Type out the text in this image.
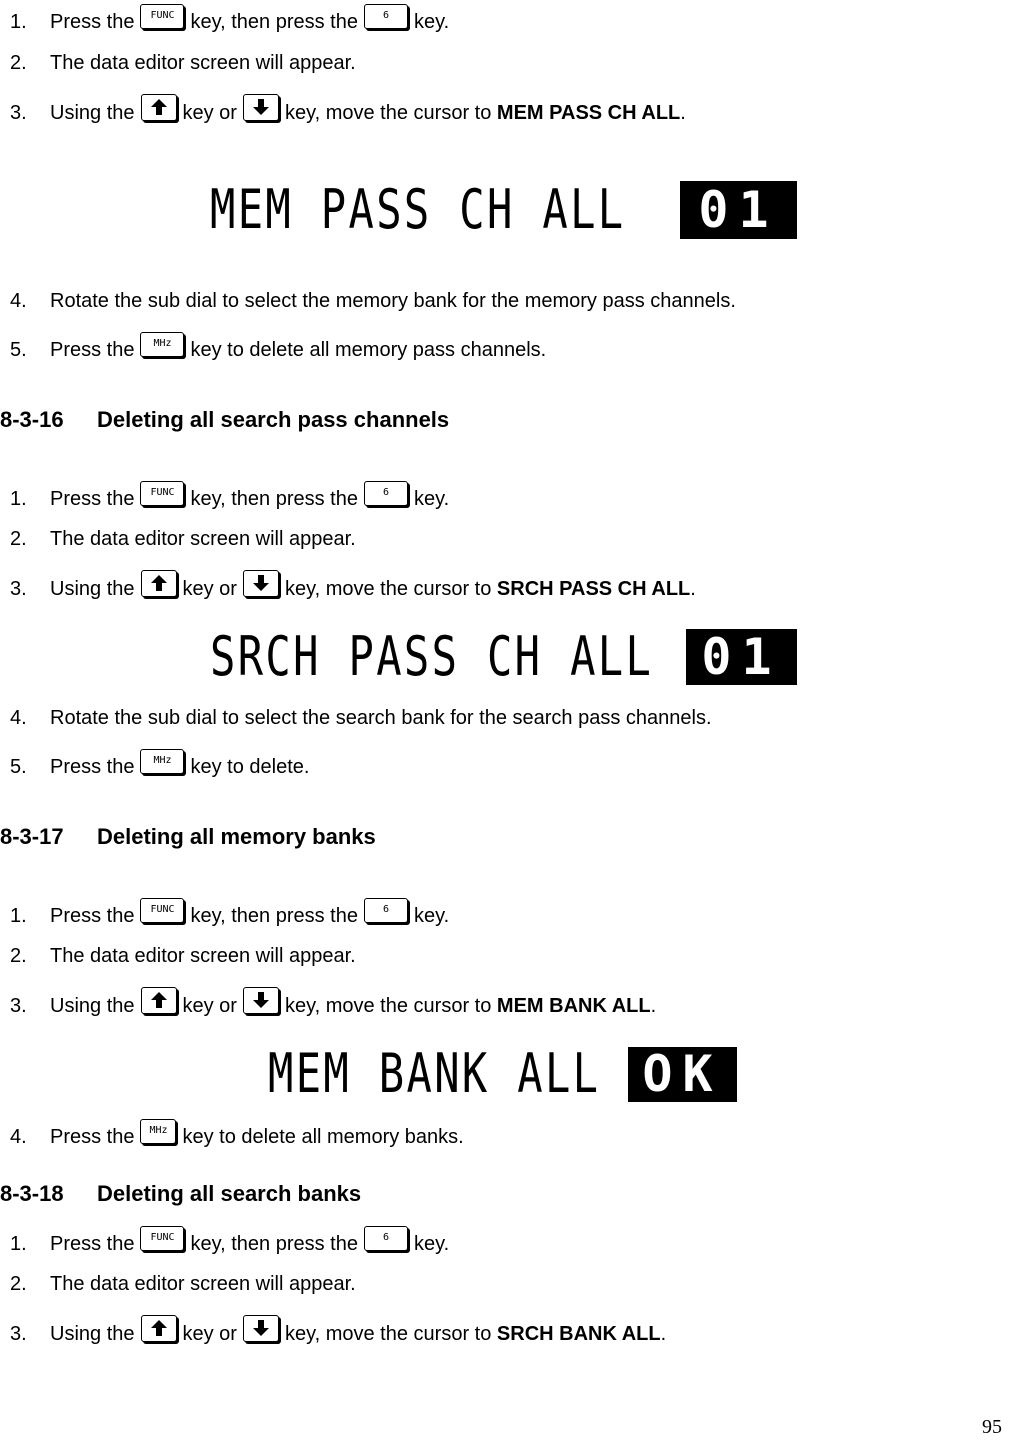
1. Press the FUNC key, then press the 6 key.
2. The data editor screen will appear.
3. Using the key or key, move the cursor to MEM PASS CH ALL.
MEM PASS CH ALL	01
4. Rotate the sub dial to select the memory bank for the memory pass channels.
5. Press the MHz key to delete all memory pass channels.
8-3-16 Deleting all search pass channels
1. Press the FUNC key, then press the 6 key.
2. The data editor screen will appear.
3. Using the key or key, move the cursor to SRCH PASS CH ALL.
SRCH PASS CH ALL 01
4. Rotate the sub dial to select the search bank for the search pass channels.
5. Press the MHz key to delete.
8-3-17 Deleting all memory banks
1. Press the FUNC key, then press the 6 key.
2. The data editor screen will appear.
3. Using the key or key, move the cursor to MEM BANK ALL.
MEM BANK ALL OK
4. Press the MHz key to delete all memory banks.
8-3-18 Deleting all search banks
1. Press the FUNC key, then press the 6 key.
2. The data editor screen will appear.
3. Using the key or key, move the cursor to SRCH BANK ALL.
95
